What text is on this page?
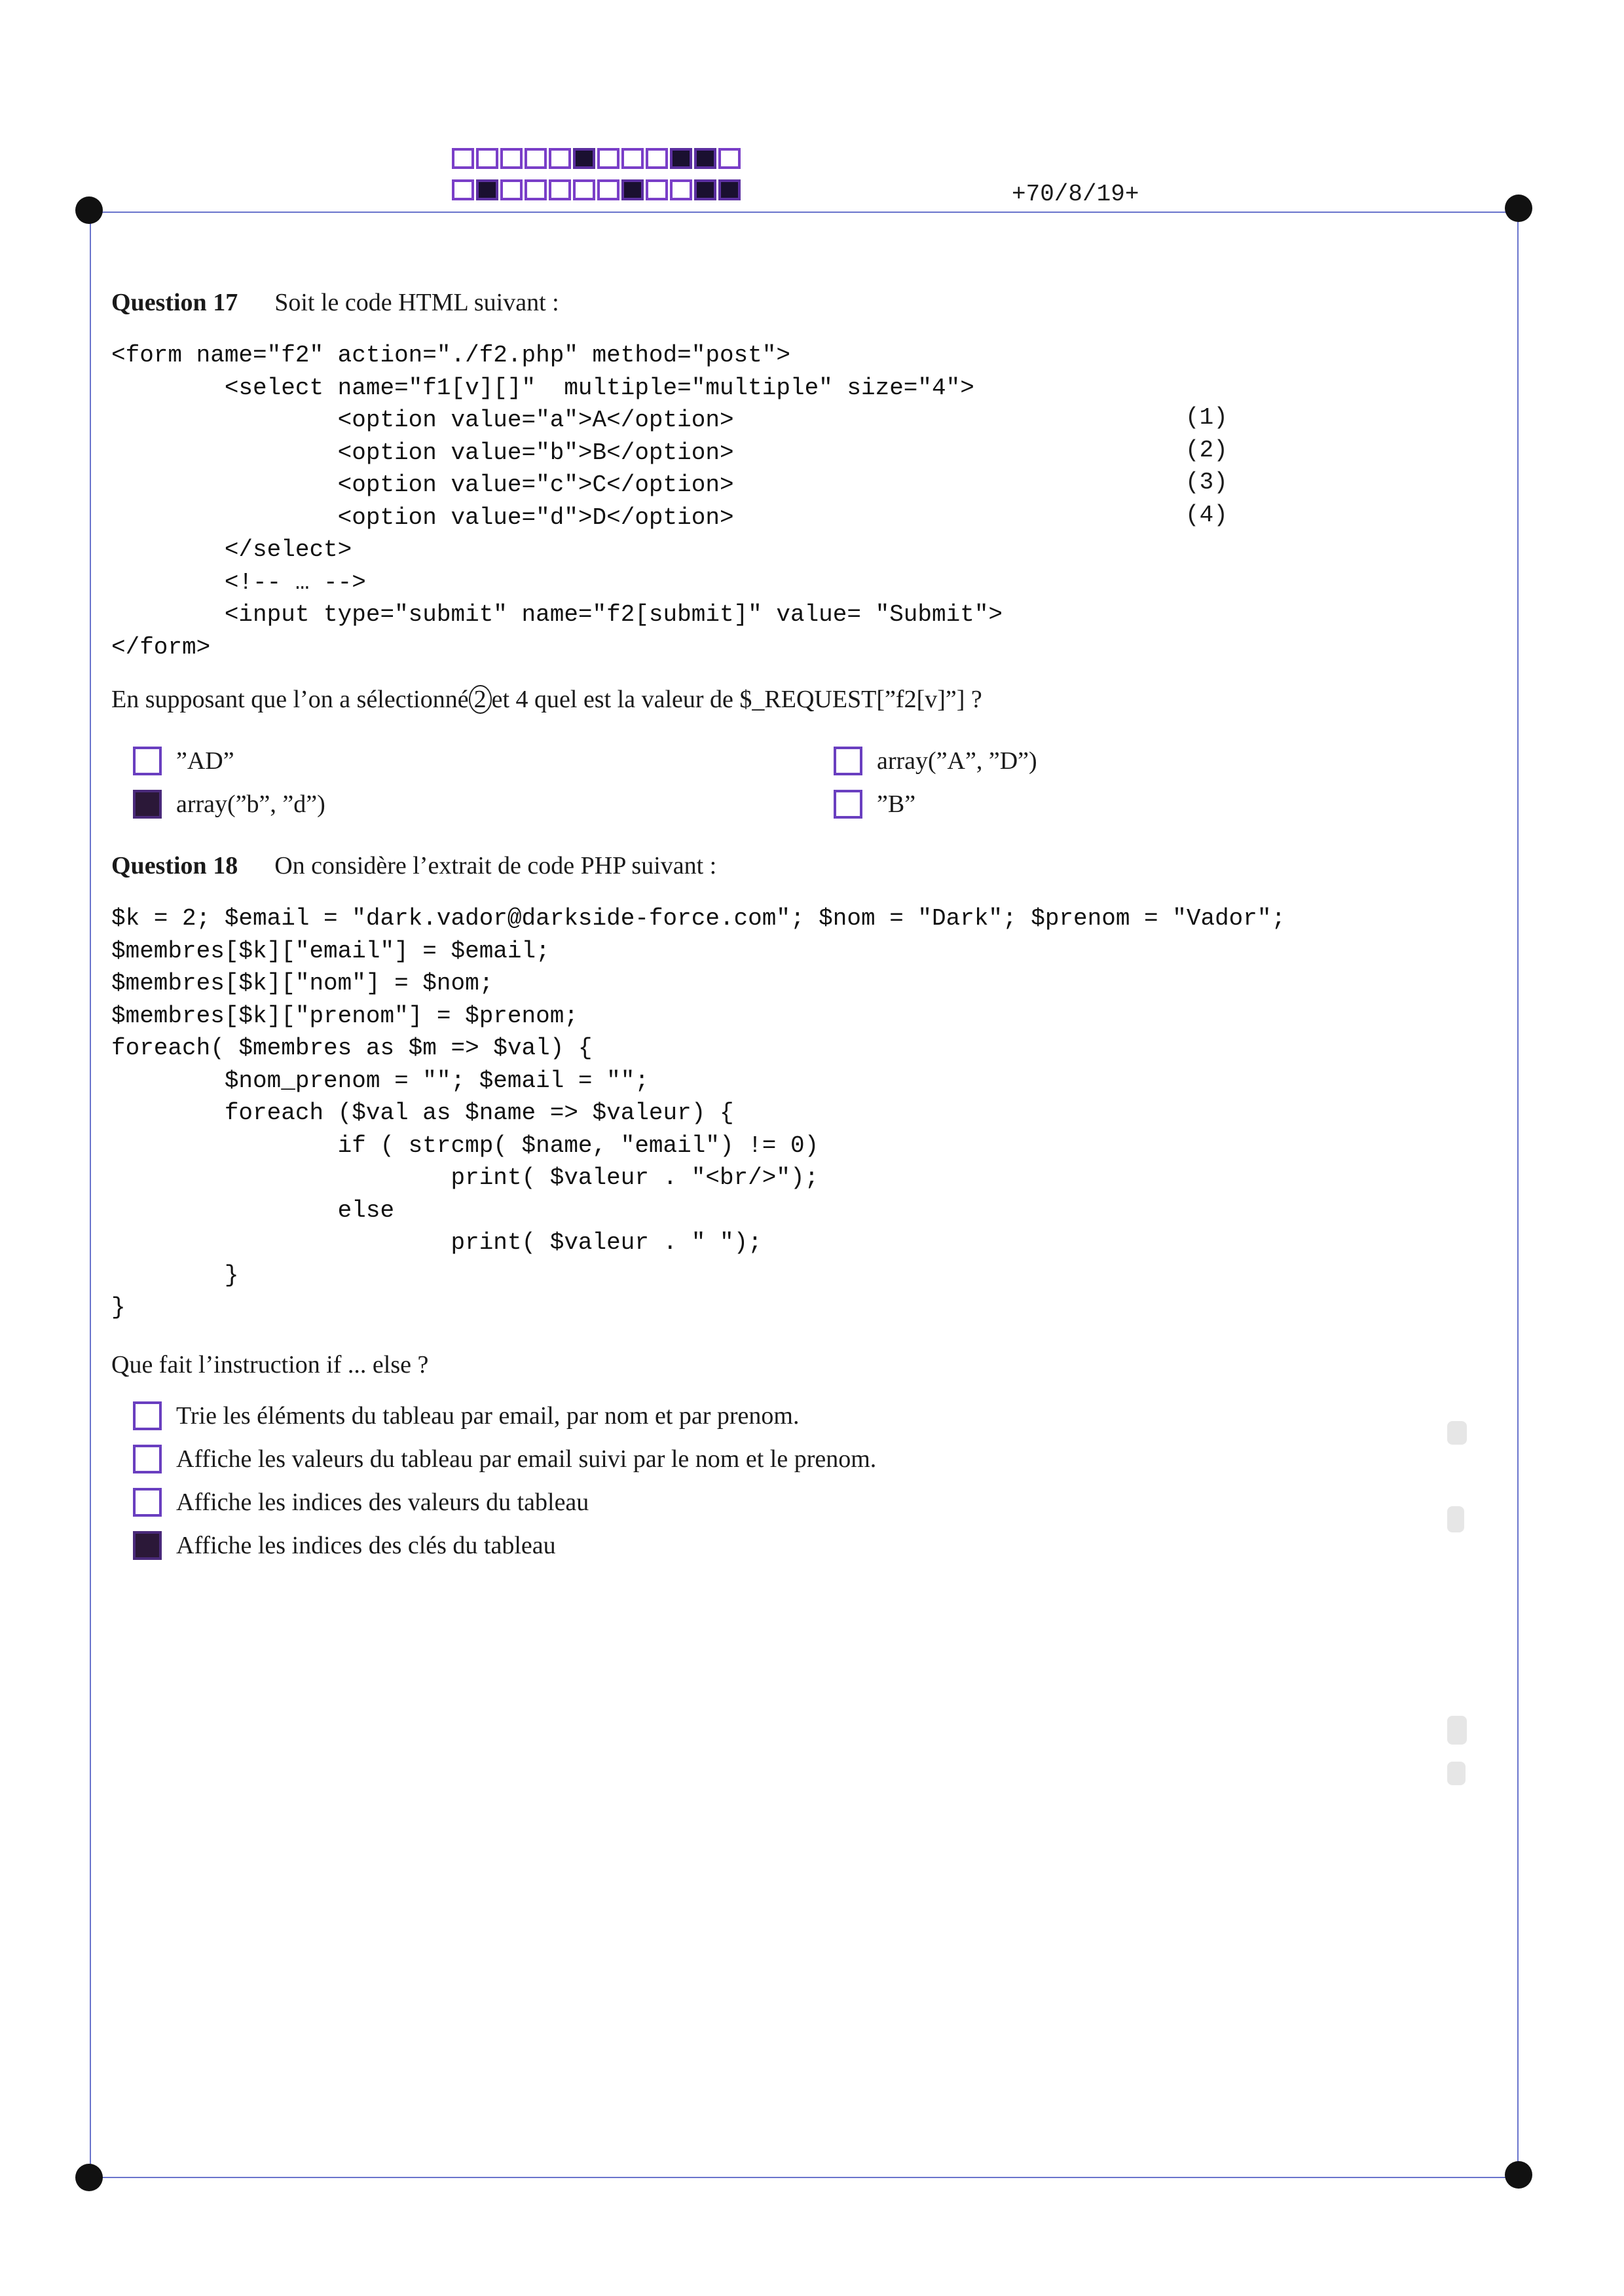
+70/8/19+
Question 17 Soit le code HTML suivant :
<form name="f2" action="./f2.php" method="post">
<select name="f1[v][]"  multiple="multiple" size="4">
<option value="a">A</option>
<option value="b">B</option>
<option value="c">C</option>
<option value="d">D</option>
</select>
<!-- … -->
<input type="submit" name="f2[submit]" value= "Submit">
</form>
(1)
(2)
(3)
(4)
En supposant que l’on a sélectionné 2 et 4 quel est la valeur de $_REQUEST[”f2[v]”] ?
”AD”	array(”A”, ”D”)
array(”b”, ”d”)	”B”
Question 18 On considère l’extrait de code PHP suivant :
$k = 2; $email = "dark.vador@darkside-force.com"; $nom = "Dark"; $prenom = "Vador";
$membres[$k]["email"] = $email;
$membres[$k]["nom"] = $nom;
$membres[$k]["prenom"] = $prenom;
foreach( $membres as $m => $val) {
$nom_prenom = ""; $email = "";
foreach ($val as $name => $valeur) {
if ( strcmp( $name, "email") != 0)
print( $valeur . "<br/>");
else
print( $valeur . " ");
}
}
Que fait l’instruction if ... else ?
Trie les éléments du tableau par email, par nom et par prenom.
Affiche les valeurs du tableau par email suivi par le nom et le prenom.
Affiche les indices des valeurs du tableau
Affiche les indices des clés du tableau
